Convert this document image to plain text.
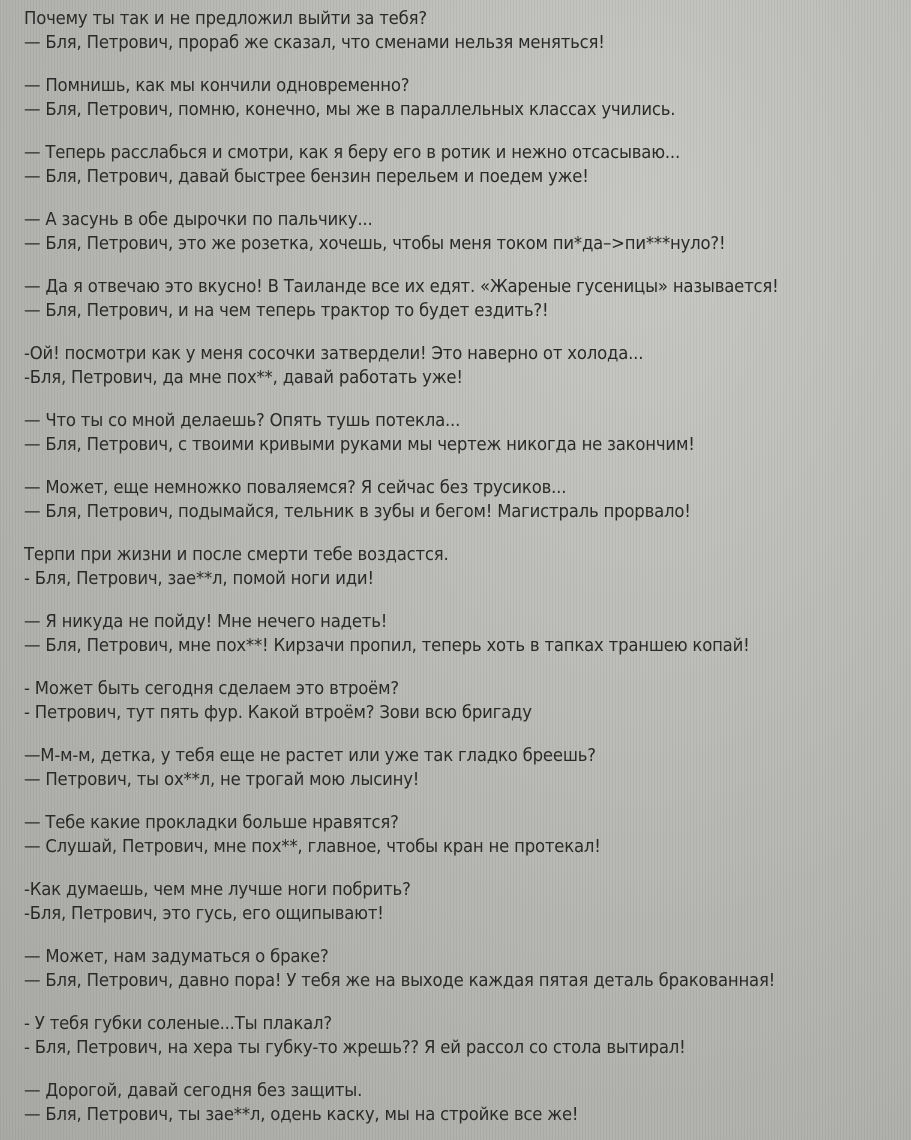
Почему ты так и не предложил выйти за тебя?
— Бля, Петрович, прораб же сказал, что сменами нельзя меняться!
— Помнишь, как мы кончили одновременно?
— Бля, Петрович, помню, конечно, мы же в параллельных классах учились.
— Теперь расслабься и смотри, как я беру его в ротик и нежно отсасываю...
— Бля, Петрович, давай быстрее бензин перельем и поедем уже!
— А засунь в обе дырочки по пальчику...
— Бля, Петрович, это же розетка, хочешь, чтобы меня током пи*да–>пи***нуло?!
— Да я отвечаю это вкусно! В Таиланде все их едят. «Жареные гусеницы» называется!
— Бля, Петрович, и на чем теперь трактор то будет ездить?!
-Ой! посмотри как у меня сосочки затвердели! Это наверно от холода...
-Бля, Петрович, да мне пох**, давай работать уже!
— Что ты со мной делаешь? Опять тушь потекла...
— Бля, Петрович, с твоими кривыми руками мы чертеж никогда не закончим!
— Может, еще немножко поваляемся? Я сейчас без трусиков...
— Бля, Петрович, подымайся, тельник в зубы и бегом! Магистраль прорвало!
Терпи при жизни и после смерти тебе воздастся.
- Бля, Петрович, зае**л, помой ноги иди!
— Я никуда не пойду! Мне нечего надеть!
— Бля, Петрович, мне пох**! Кирзачи пропил, теперь хоть в тапках траншею копай!
- Может быть сегодня сделаем это втроём?
- Петрович, тут пять фур. Какой втроём? Зови всю бригаду
—М-м-м, детка, у тебя еще не растет или уже так гладко бреешь?
— Петрович, ты ох**л, не трогай мою лысину!
— Тебе какие прокладки больше нравятся?
— Слушай, Петрович, мне пох**, главное, чтобы кран не протекал!
-Как думаешь, чем мне лучше ноги побрить?
-Бля, Петрович, это гусь, его ощипывают!
— Может, нам задуматься о браке?
— Бля, Петрович, давно пора! У тебя же на выходе каждая пятая деталь бракованная!
- У тебя губки соленые...Ты плакал?
- Бля, Петрович, на хера ты губку-то жрешь?? Я ей рассол со стола вытирал!
— Дорогой, давай сегодня без защиты.
— Бля, Петрович, ты зае**л, одень каску, мы на стройке все же!
